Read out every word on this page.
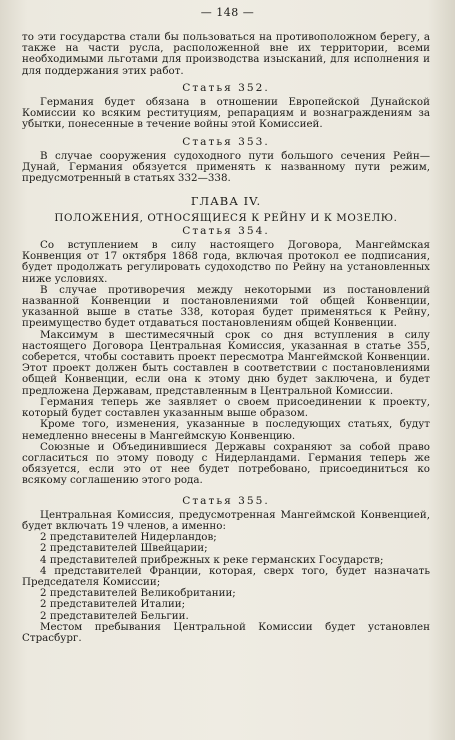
— 148 —

то эти государства стали бы пользоваться на противоположном берегу, а также на части русла, расположенной вне их территории, всеми необходимыми льготами для производства изысканий, для исполнения и для поддержания этих работ.

Статья 352.

Германия будет обязана в отношении Европейской Дунайской Комиссии ко всяким реституциям, репарациям и вознаграждениям за убытки, понесенные в течение войны этой Комиссией.

Статья 353.

В случае сооружения судоходного пути большого сечения Рейн—Дунай, Германия обязуется применять к названному пути режим, предусмотренный в статьях 332—338.

ГЛАВА IV.
ПОЛОЖЕНИЯ, ОТНОСЯЩИЕСЯ К РЕЙНУ И К МОЗЕЛЮ.
Статья 354.

Со вступлением в силу настоящего Договора, Мангеймская Конвенция от 17 октября 1868 года, включая протокол ее подписания, будет продолжать регулировать судоходство по Рейну на установленных ниже условиях.

В случае противоречия между некоторыми из постановлений названной Конвенции и постановлениями той общей Конвенции, указанной выше в статье 338, которая будет применяться к Рейну, преимущество будет отдаваться постановлениям общей Конвенции.

Максимум в шестимесячный срок со дня вступления в силу настоящего Договора Центральная Комиссия, указанная в статье 355, соберется, чтобы составить проект пересмотра Мангеймской Конвенции. Этот проект должен быть составлен в соответствии с постановлениями общей Конвенции, если она к этому дню будет заключена, и будет предложена Державам, представленным в Центральной Комиссии.

Германия теперь же заявляет о своем присоединении к проекту, который будет составлен указанным выше образом.

Кроме того, изменения, указанные в последующих статьях, будут немедленно внесены в Мангеймскую Конвенцию.

Союзные и Объединившиеся Державы сохраняют за собой право согласиться по этому поводу с Нидерландами. Германия теперь же обязуется, если это от нее будет потребовано, присоединиться ко всякому соглашению этого рода.

Статья 355.

Центральная Комиссия, предусмотренная Мангеймской Конвенцией, будет включать 19 членов, а именно:

2 представителей Нидерландов;

2 представителей Швейцарии;

4 представителей прибрежных к реке германских Государств;

4 представителей Франции, которая, сверх того, будет назначать Председателя Комиссии;

2 представителей Великобритании;

2 представителей Италии;

2 представителей Бельгии.

Местом пребывания Центральной Комиссии будет установлен Страсбург.
